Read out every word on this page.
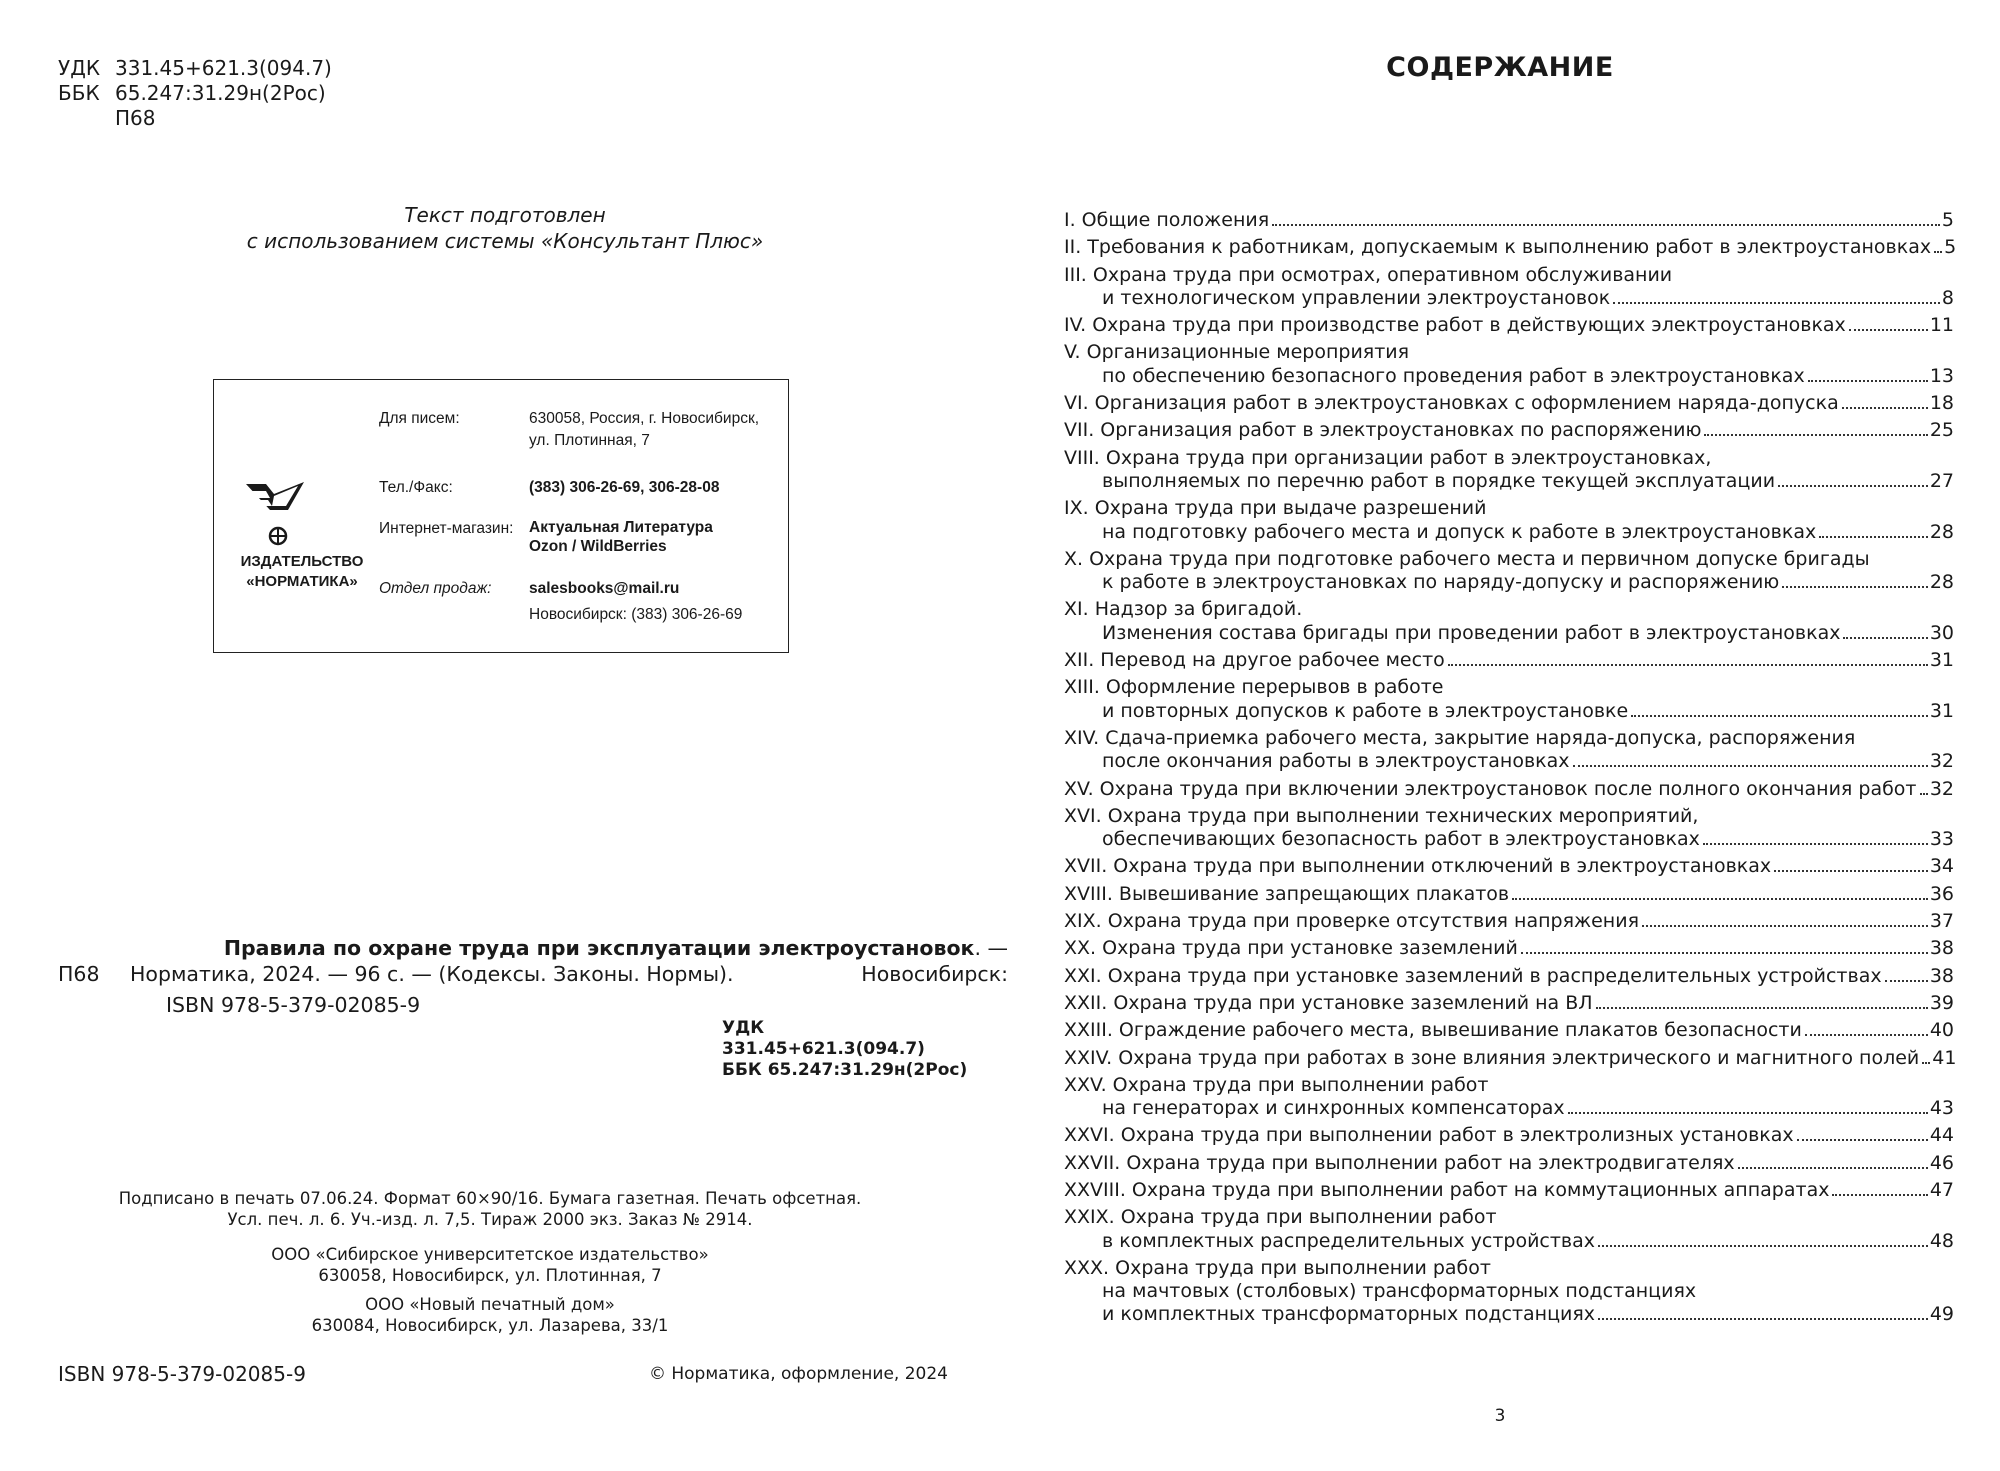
УДК 331.45+621.3(094.7)
ББК 65.247:31.29н(2Рос)
П68
Текст подготовлен
с использованием системы «Консультант Плюс»
ИЗДАТЕЛЬСТВО
«НОРМАТИКА»
Для писем:	630058, Россия, г. Новосибирск,
ул. Плотинная, 7
Тел./Факс:	(383) 306-26-69, 306-28-08
Интернет-магазин:	Актуальная Литература
Ozon / WildBerries
Отдел продаж:	salesbooks@mail.ru
Новосибирск: (383) 306-26-69
Правила по охране труда при эксплуатации электроустановок. — Новосибирск:
П68 Норматика, 2024. — 96 с. — (Кодексы. Законы. Нормы).
ISBN 978-5-379-02085-9
УДК
331.45+621.3(094.7)
ББК 65.247:31.29н(2Рос)
Подписано в печать 07.06.24. Формат 60×90/16. Бумага газетная. Печать офсетная.
Усл. печ. л. 6. Уч.-изд. л. 7,5. Тираж 2000 экз. Заказ № 2914.
ООО «Сибирское университетское издательство»
630058, Новосибирск, ул. Плотинная, 7
ООО «Новый печатный дом»
630084, Новосибирск, ул. Лазарева, 33/1
ISBN 978-5-379-02085-9	© Норматика, оформление, 2024
СОДЕРЖАНИЕ
I. Общие положения	5
II. Требования к работникам, допускаемым к выполнению работ в электроустановках 5
III. Охрана труда при осмотрах, оперативном обслуживании
и технологическом управлении электроустановок	8
IV. Охрана труда при производстве работ в действующих электроустановках	11
V. Организационные мероприятия
по обеспечению безопасного проведения работ в электроустановках	13
VI. Организация работ в электроустановках с оформлением наряда-допуска	18
VII. Организация работ в электроустановках по распоряжению	25
VIII. Охрана труда при организации работ в электроустановках,
выполняемых по перечню работ в порядке текущей эксплуатации	27
IX. Охрана труда при выдаче разрешений
на подготовку рабочего места и допуск к работе в электроустановках	28
X. Охрана труда при подготовке рабочего места и первичном допуске бригады
к работе в электроустановках по наряду-допуску и распоряжению	28
XI. Надзор за бригадой.
Изменения состава бригады при проведении работ в электроустановках	30
XII. Перевод на другое рабочее место	31
XIII. Оформление перерывов в работе
и повторных допусков к работе в электроустановке	31
XIV. Сдача-приемка рабочего места, закрытие наряда-допуска, распоряжения
после окончания работы в электроустановках	32
XV. Охрана труда при включении электроустановок после полного окончания работ 32
XVI. Охрана труда при выполнении технических мероприятий,
обеспечивающих безопасность работ в электроустановках	33
XVII. Охрана труда при выполнении отключений в электроустановках	34
XVIII. Вывешивание запрещающих плакатов	36
XIX. Охрана труда при проверке отсутствия напряжения	37
XX. Охрана труда при установке заземлений	38
XXI. Охрана труда при установке заземлений в распределительных устройствах	38
XXII. Охрана труда при установке заземлений на ВЛ	39
XXIII. Ограждение рабочего места, вывешивание плакатов безопасности	40
XXIV. Охрана труда при работах в зоне влияния электрического и магнитного полей 41
XXV. Охрана труда при выполнении работ
на генераторах и синхронных компенсаторах	43
XXVI. Охрана труда при выполнении работ в электролизных установках	44
XXVII. Охрана труда при выполнении работ на электродвигателях	46
XXVIII. Охрана труда при выполнении работ на коммутационных аппаратах	47
XXIX. Охрана труда при выполнении работ
в комплектных распределительных устройствах	48
XXX. Охрана труда при выполнении работ
на мачтовых (столбовых) трансформаторных подстанциях
и комплектных трансформаторных подстанциях	49
3
